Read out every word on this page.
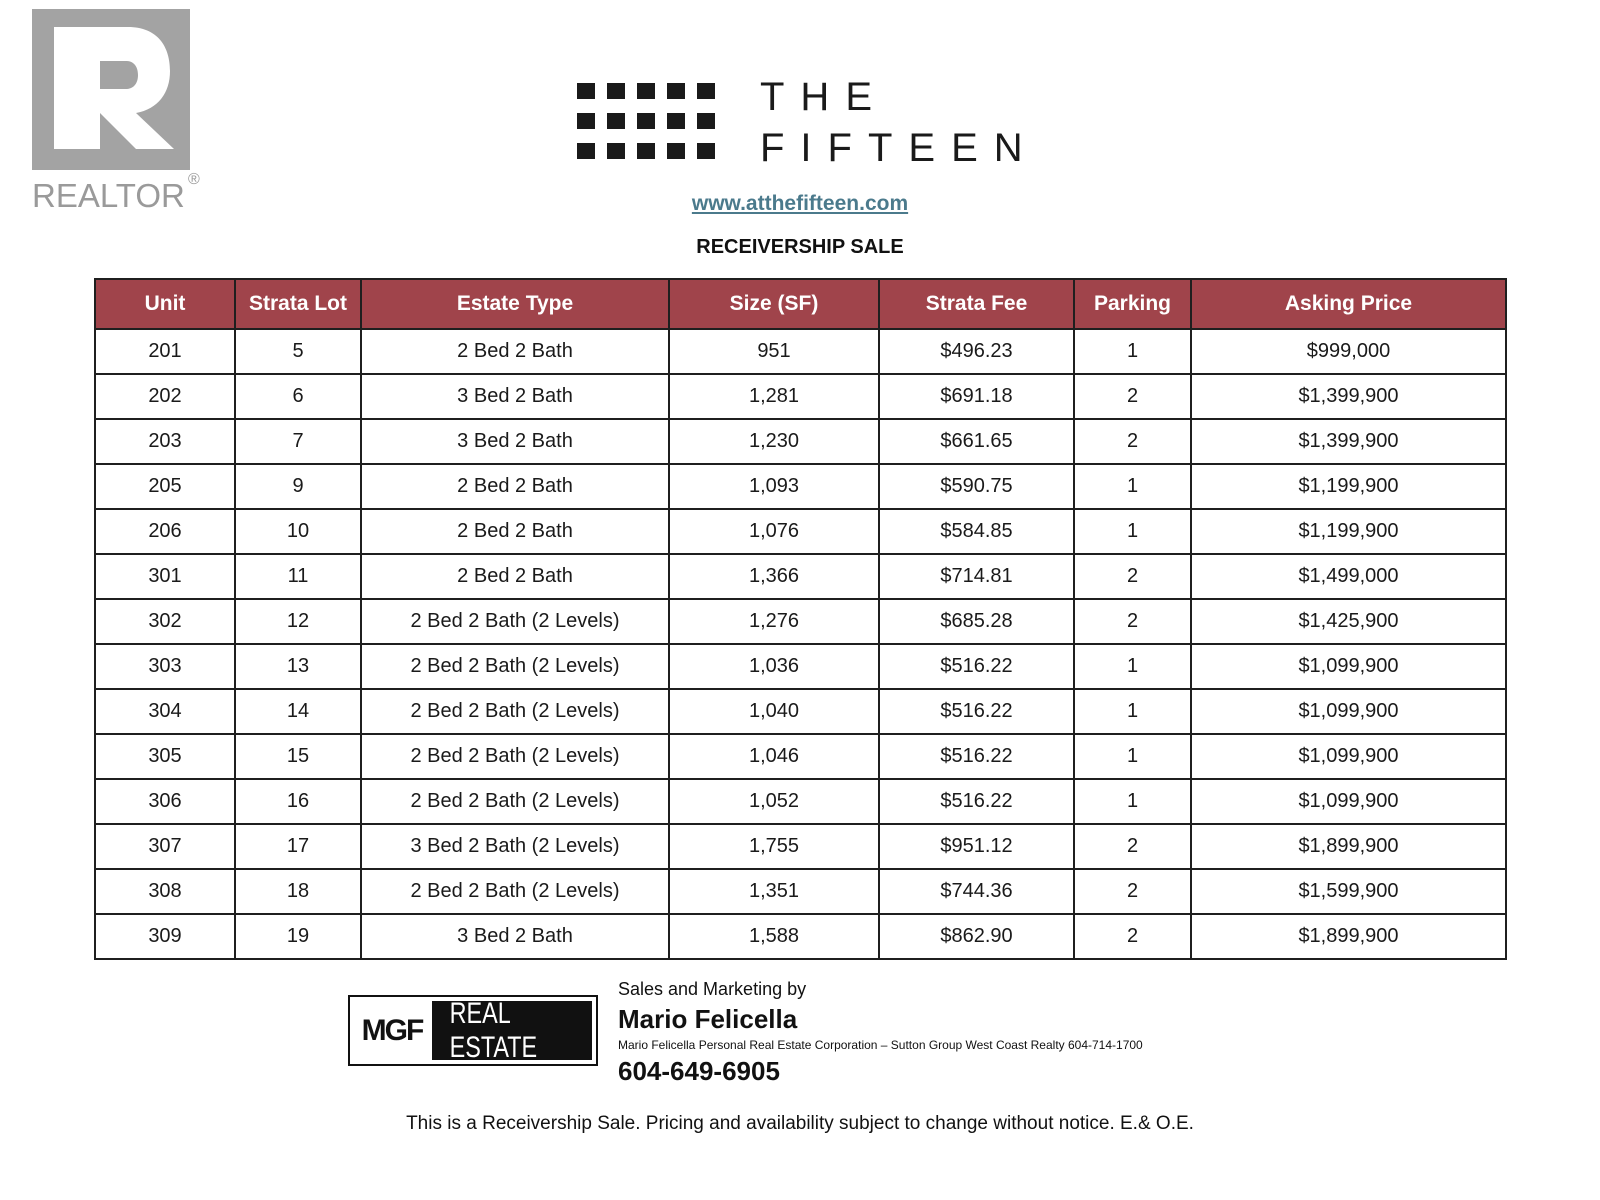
REALTOR ®
THE
FIFTEEN
www.atthefifteen.com
RECEIVERSHIP SALE
Unit	Strata Lot	Estate Type	Size (SF)	Strata Fee	Parking	Asking Price
201	5	2 Bed 2 Bath	951	$496.23	1	$999,000
202	6	3 Bed 2 Bath	1,281	$691.18	2	$1,399,900
203	7	3 Bed 2 Bath	1,230	$661.65	2	$1,399,900
205	9	2 Bed 2 Bath	1,093	$590.75	1	$1,199,900
206	10	2 Bed 2 Bath	1,076	$584.85	1	$1,199,900
301	11	2 Bed 2 Bath	1,366	$714.81	2	$1,499,000
302	12	2 Bed 2 Bath (2 Levels)	1,276	$685.28	2	$1,425,900
303	13	2 Bed 2 Bath (2 Levels)	1,036	$516.22	1	$1,099,900
304	14	2 Bed 2 Bath (2 Levels)	1,040	$516.22	1	$1,099,900
305	15	2 Bed 2 Bath (2 Levels)	1,046	$516.22	1	$1,099,900
306	16	2 Bed 2 Bath (2 Levels)	1,052	$516.22	1	$1,099,900
307	17	3 Bed 2 Bath (2 Levels)	1,755	$951.12	2	$1,899,900
308	18	2 Bed 2 Bath (2 Levels)	1,351	$744.36	2	$1,599,900
309	19	3 Bed 2 Bath	1,588	$862.90	2	$1,899,900
MGF
REAL ESTATE
Sales and Marketing by
Mario Felicella
Mario Felicella Personal Real Estate Corporation – Sutton Group West Coast Realty 604-714-1700
604-649-6905
This is a Receivership Sale. Pricing and availability subject to change without notice. E.& O.E.
